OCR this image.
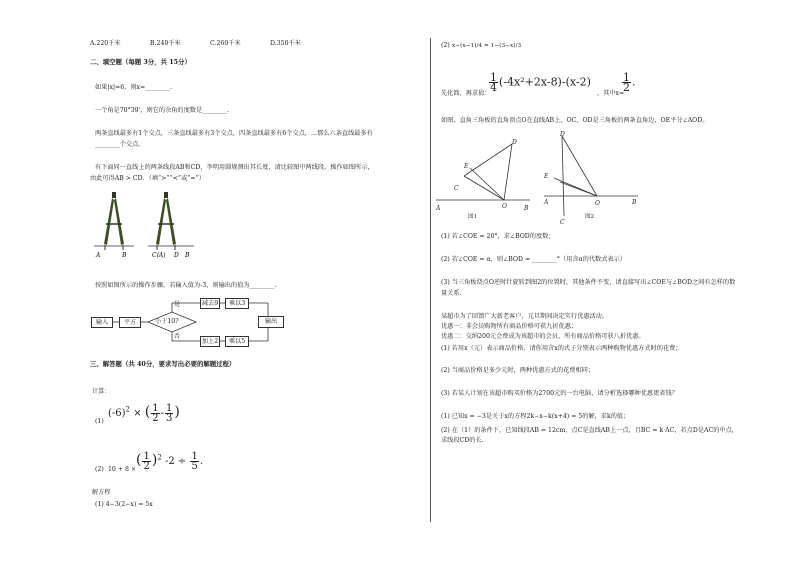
A.220千米	B.240千米	C.260千米	D.350千米
二、填空题（每题 3分，共 15分）
如果|x|=6，则x=________.
一个角是70°39'，则它的余角的度数是________.
两条直线最多有1个交点，三条直线最多有3个交点，四条直线最多有6个交点，…那么六条直线最多有
________个交点。
有下面同一直线上的两条线段AB和CD，李明用圆规测出其长度，请比较图中两线段，操作如图所示，
由此可得AB > CD．（填“>”“<”或“=”）
A	B	C(A) D B
按照如图所示的操作步骤，若输入值为-3，则输出的值为________.
输入	平方	小于10?
减去9	乘以3
是
否
加上2	乘以5
输出
三、解答题（共 40分，要求写出必要的解题过程）
计算：
(1)
$(-6)^2$ × ( $\frac{1}{2} - \frac{1}{3}$ )
(2) 10 + 8 ×
( $\frac{1}{2} )^2$ $-2 \div \frac{1}{5}$ .
解方程
(1) 4−3(2−x) = 5x
(2) x−(x−1)/4 = 1−(3−x)/3
先化简，再求值：
$\frac{1}{4} (-4x^2+2x-8)-(x-2)$
，其中x=
$\frac{1}{2}$ .
如图，直角三角板的直角顶点O在直线AB上，OC，OD是三角板的两条直角边，OE平分∠AOD。
D
E
C
A	O	B
D
E
A	O	B
C
图1	图2
(1) 若∠COE = 20°，求∠BOD的度数；
(2) 若∠COE = α，则∠BOD = ________°（用含α的代数式表示）
(3) 当三角板绕点O逆时针旋转到图2的位置时，其他条件不变，请直接写出∠COE与∠BOD之间有怎样的数
量关系.
某超市为了回馈广大新老客户，元旦期间决定实行优惠活动。
优惠一：非会员购物所有商品价格可获九折优惠；
优惠二：交纳200元会费成为该超市的会员，所有商品价格可获八折优惠。
(1) 若用x（元）表示商品价格，请你用含x的式子分别表示两种购物优惠方式时的花费；
(2) 当商品价格是多少元时，两种优惠方式的花费相同；
(3) 若某人计划在该超市购买价格为2700元的一台电脑，请分析选择哪种优惠更省钱？
(1) 已知x = −3是关于x的方程2k−x−k(x+4) = 5的解，求k的值；
(2) 在（1）的条件下，已知线段AB = 12cm，点C是直线AB上一点，且BC = k·AC，若点D是AC的中点，
求线段CD的长.
